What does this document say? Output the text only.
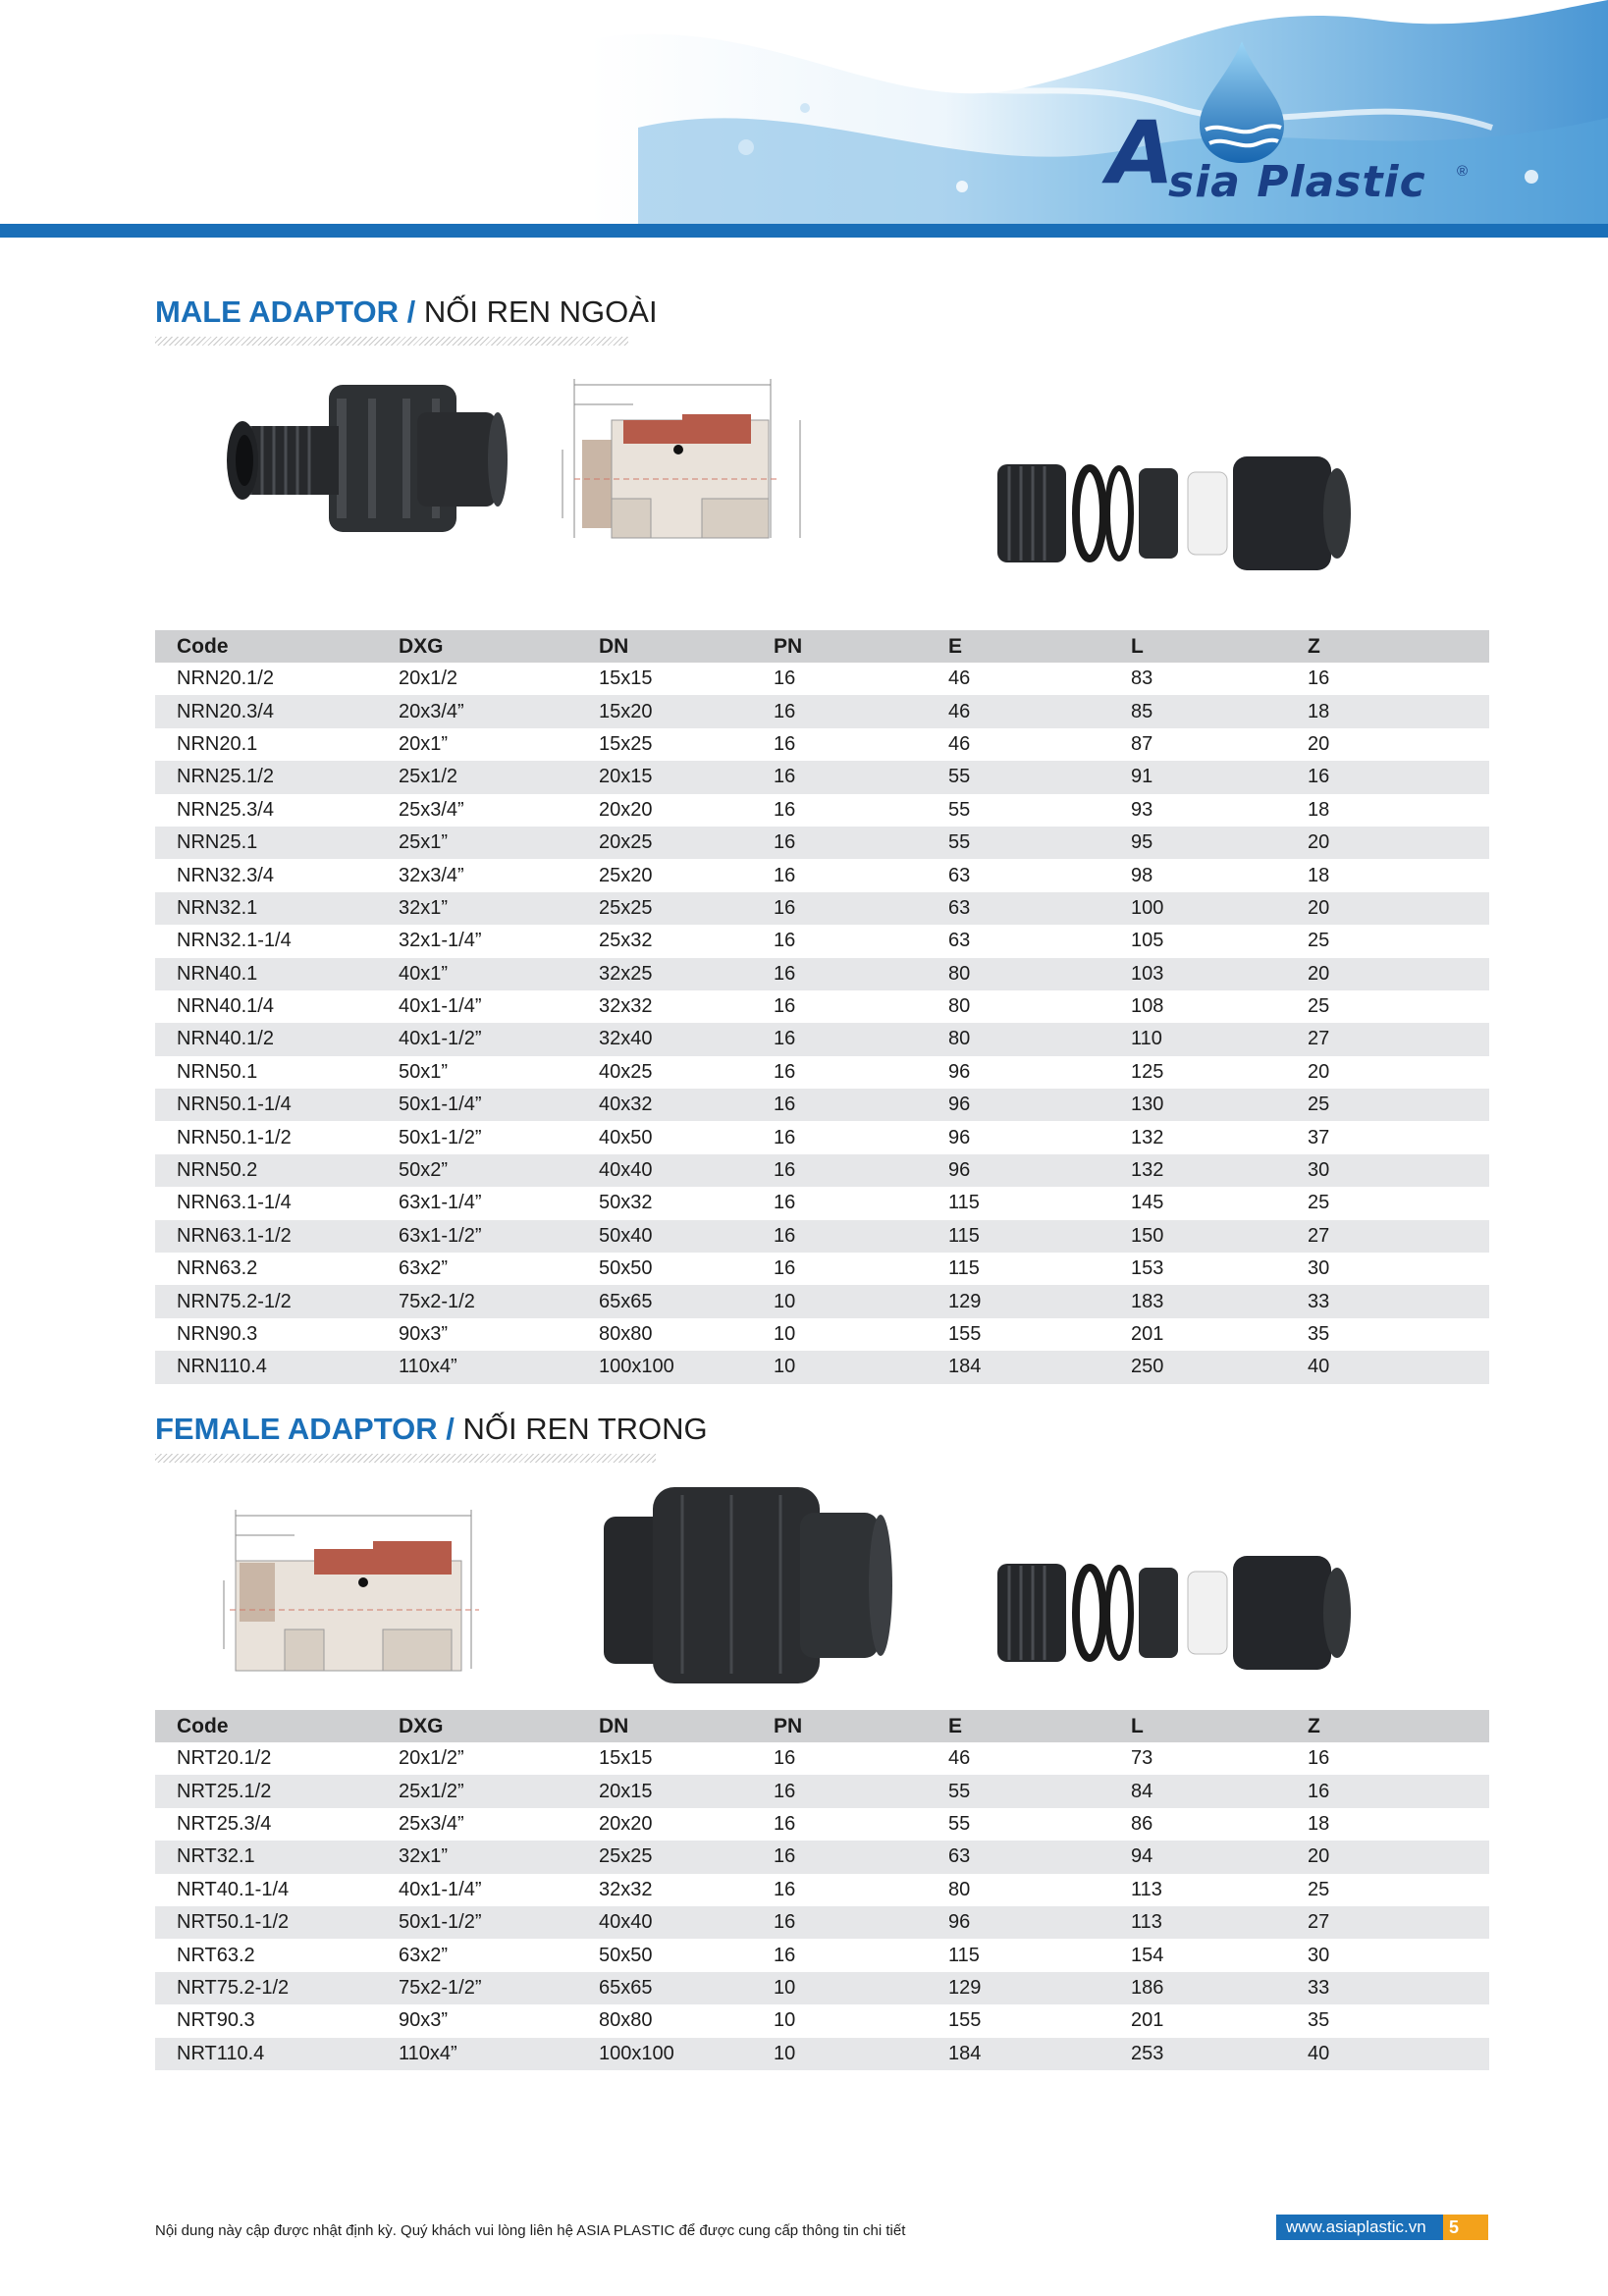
A
sia Plastic ®
MALE ADAPTOR / NỐI REN NGOÀI
Code	DXG	DN	PN	E	L	Z
NRN20.1/2	20x1/2	15x15	16	46	83	16
NRN20.3/4	20x3/4”	15x20	16	46	85	18
NRN20.1	20x1”	15x25	16	46	87	20
NRN25.1/2	25x1/2	20x15	16	55	91	16
NRN25.3/4	25x3/4”	20x20	16	55	93	18
NRN25.1	25x1”	20x25	16	55	95	20
NRN32.3/4	32x3/4”	25x20	16	63	98	18
NRN32.1	32x1”	25x25	16	63	100	20
NRN32.1-1/4	32x1-1/4”	25x32	16	63	105	25
NRN40.1	40x1”	32x25	16	80	103	20
NRN40.1/4	40x1-1/4”	32x32	16	80	108	25
NRN40.1/2	40x1-1/2”	32x40	16	80	110	27
NRN50.1	50x1”	40x25	16	96	125	20
NRN50.1-1/4	50x1-1/4”	40x32	16	96	130	25
NRN50.1-1/2	50x1-1/2”	40x50	16	96	132	37
NRN50.2	50x2”	40x40	16	96	132	30
NRN63.1-1/4	63x1-1/4”	50x32	16	115	145	25
NRN63.1-1/2	63x1-1/2”	50x40	16	115	150	27
NRN63.2	63x2”	50x50	16	115	153	30
NRN75.2-1/2	75x2-1/2	65x65	10	129	183	33
NRN90.3	90x3”	80x80	10	155	201	35
NRN110.4	110x4”	100x100	10	184	250	40
FEMALE ADAPTOR / NỐI REN TRONG
Code	DXG	DN	PN	E	L	Z
NRT20.1/2	20x1/2”	15x15	16	46	73	16
NRT25.1/2	25x1/2”	20x15	16	55	84	16
NRT25.3/4	25x3/4”	20x20	16	55	86	18
NRT32.1	32x1”	25x25	16	63	94	20
NRT40.1-1/4	40x1-1/4”	32x32	16	80	113	25
NRT50.1-1/2	50x1-1/2”	40x40	16	96	113	27
NRT63.2	63x2”	50x50	16	115	154	30
NRT75.2-1/2	75x2-1/2”	65x65	10	129	186	33
NRT90.3	90x3”	80x80	10	155	201	35
NRT110.4	110x4”	100x100	10	184	253	40
Nội dung này cập được nhật định kỳ. Quý khách vui lòng liên hệ ASIA PLASTIC để được cung cấp thông tin chi tiết	www.asiaplastic.vn	5
